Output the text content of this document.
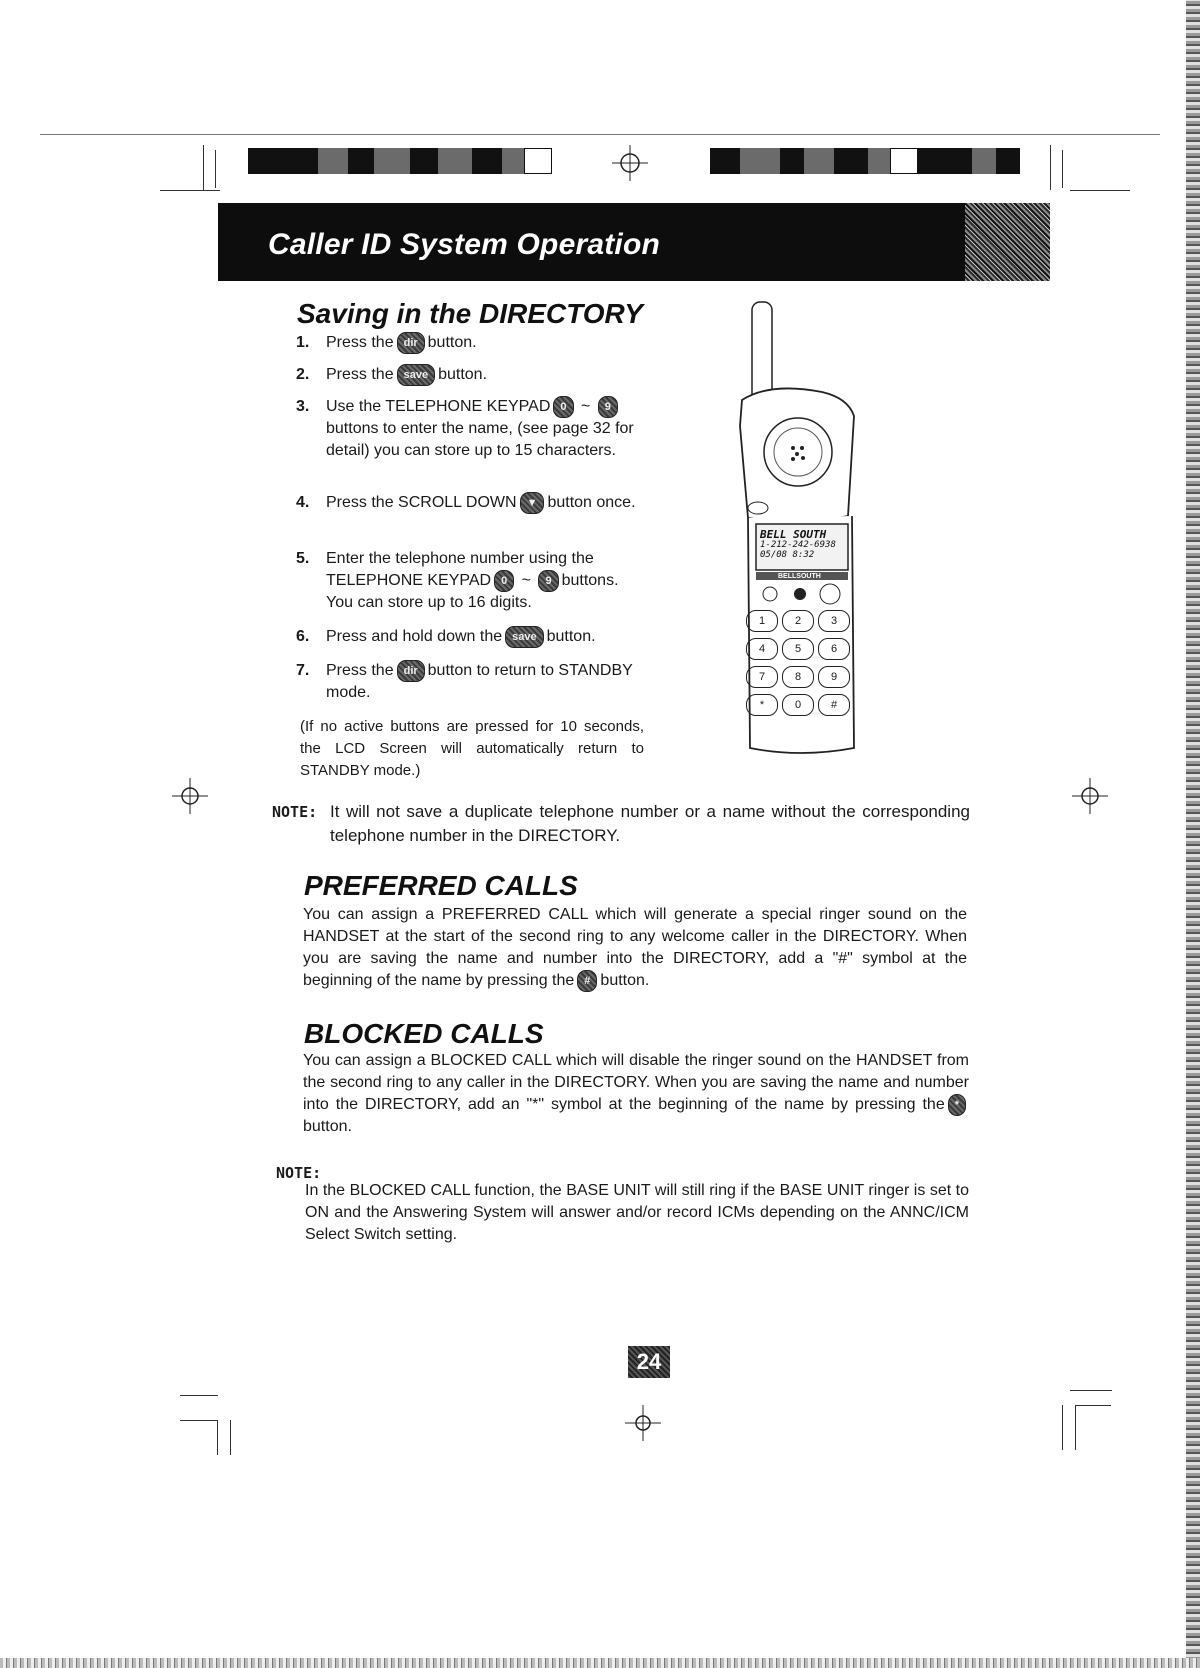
Caller ID System Operation
Saving in the DIRECTORY
1. Press the dir button.
2. Press the save button.
3. Use the TELEPHONE KEYPAD 0 ~ 9buttons to enter the name, (see page 32 for detail) you can store up to 15 characters.
4. Press the SCROLL DOWN ▼ button once.
5. Enter the telephone number using the TELEPHONE KEYPAD 0 ~ 9 buttons. You can store up to 16 digits.
6. Press and hold down the save button.
7. Press the dir button to return to STANDBY mode.
(If no active buttons are pressed for 10 seconds, the LCD Screen will automatically return to STANDBY mode.)
BELL SOUTH
1-212-242-6938
05/08 8:32
BELLSOUTH
1	2	3
4	5	6
7	8	9
*	0	#
NOTE: It will not save a duplicate telephone number or a name without the corresponding telephone number in the DIRECTORY.
PREFERRED CALLS
You can assign a PREFERRED CALL which will generate a special ringer sound on the HANDSET at the start of the second ring to any welcome caller in the DIRECTORY. When you are saving the name and number into the DIRECTORY, add a "#" symbol at the beginning of the name by pressing the # button.
BLOCKED CALLS
You can assign a BLOCKED CALL which will disable the ringer sound on the HANDSET from the second ring to any caller in the DIRECTORY. When you are saving the name and number into the DIRECTORY, add an "*" symbol at the beginning of the name by pressing the *button.
NOTE:
In the BLOCKED CALL function, the BASE UNIT will still ring if the BASE UNIT ringer is set to ON and the Answering System will answer and/or record ICMs depending on the ANNC/ICM Select Switch setting.
24
